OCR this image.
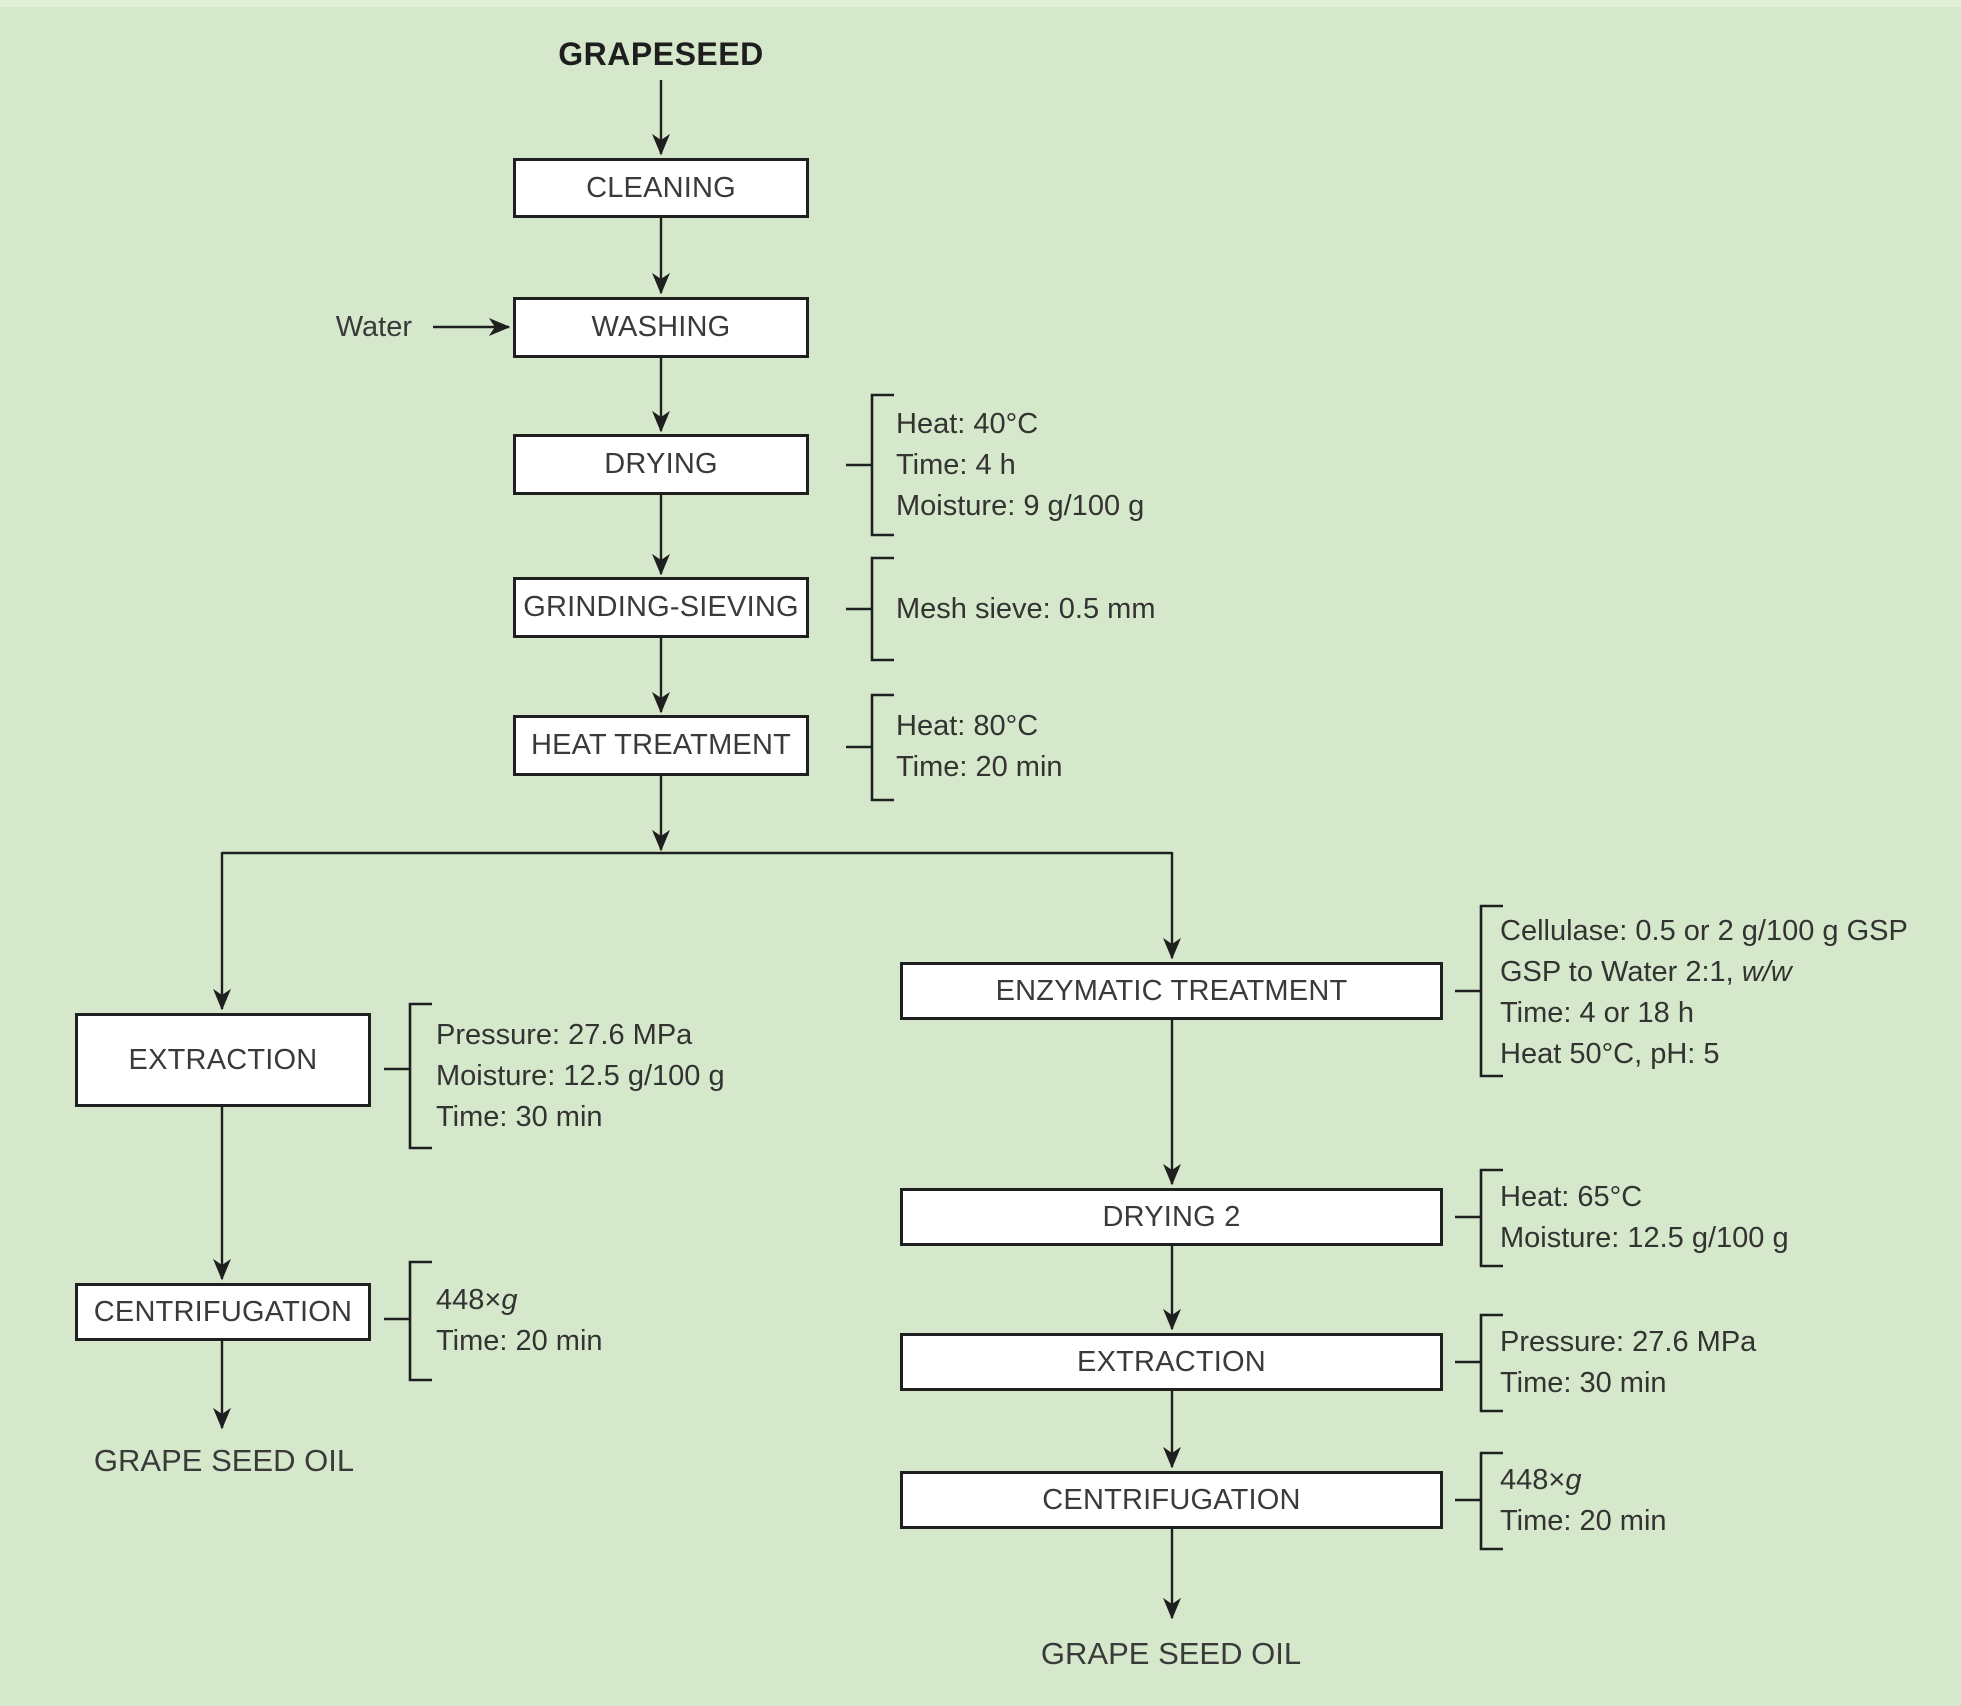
GRAPESEED
CLEANING
WASHING
DRYING
GRINDING-SIEVING
HEAT TREATMENT
Water
EXTRACTION
CENTRIFUGATION
GRAPE SEED OIL
ENZYMATIC TREATMENT
DRYING 2
EXTRACTION
CENTRIFUGATION
GRAPE SEED OIL
Heat: 40°C
Time: 4 h
Moisture: 9 g/100 g
Mesh sieve: 0.5 mm
Heat: 80°C
Time: 20 min
Pressure: 27.6 MPa
Moisture: 12.5 g/100 g
Time: 30 min
448×g
Time: 20 min
Cellulase: 0.5 or 2 g/100 g GSP
GSP to Water 2:1, w/w
Time: 4 or 18 h
Heat 50°C, pH: 5
Heat: 65°C
Moisture: 12.5 g/100 g
Pressure: 27.6 MPa
Time: 30 min
448×g
Time: 20 min
